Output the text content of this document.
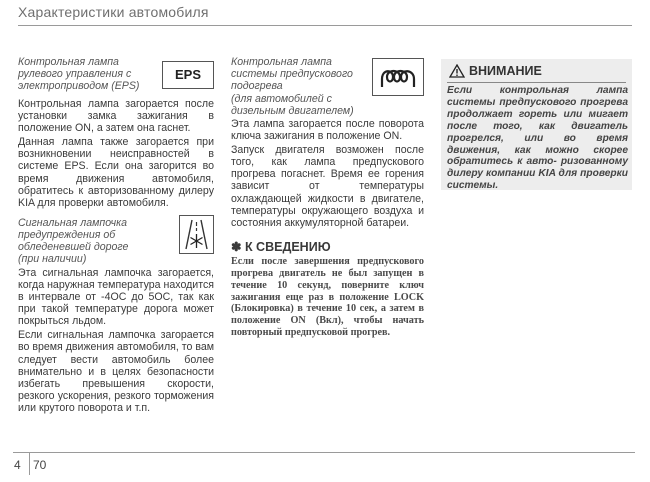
Характеристики автомобиля
Контрольная лампа
рулевого управления с
электроприводом (EPS)
EPS

Контрольная лампа загорается после установки замка зажигания в положение ON, а затем она гаснет.

Данная лампа также загорается при возникновении неисправностей в системе EPS. Если она загорится во время движения автомобиля, обратитесь к авторизованному дилеру KIA для проверки автомобиля.

Сигнальная лампочка
предупреждения об
обледеневшей дороге
(при наличии)

Эта сигнальная лампочка загорается, когда наружная температура находится в интервале от -4ОС до 5ОС, так как при такой температуре дорога может покрыться льдом.

Если сигнальная лампочка загорается во время движения автомобиля, то вам следует вести автомобиль более внимательно и в целях безопасности избегать превышения скорости, резкого ускорения, резкого торможения или крутого поворота и т.п.

Контрольная лампа
системы предпускового
подогрева
(для автомобилей с
дизельным двигателем)

Эта лампа загорается после поворота ключа зажигания в положение ON.

Запуск двигателя возможен после того, как лампа предпускового прогрева погаснет. Время ее горения зависит от температуры охлаждающей жидкости в двигателе, температуры окружающего воздуха и состояния аккумуляторной батареи.

✽ К СВЕДЕНИЮ
Если после завершения предпускового прогрева двигатель не был запущен в течение 10 секунд, поверните ключ зажигания еще раз в положение LOCK (Блокировка) в течение 10 сек, а затем в положение ON (Вкл), чтобы начать повторный предпусковой прогрев.
ВНИМАНИЕ
Если контрольная лампа системы предпускового прогрева продолжает гореть или мигает после того, как двигатель прогрелся, или во время движения, как можно скорее обратитесь к авто- ризованному дилеру компании KIA для проверки системы.
4 70
